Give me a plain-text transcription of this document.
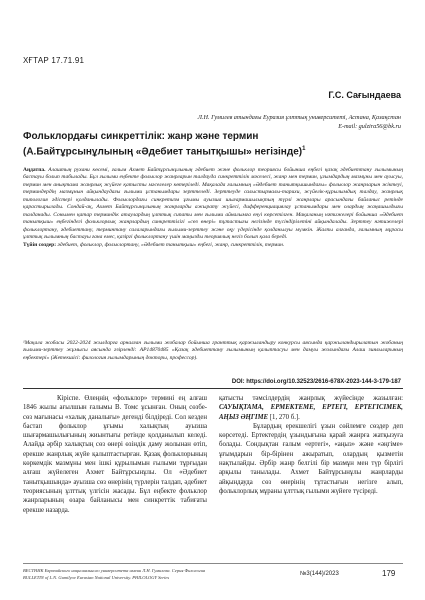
ХҒТАР 17.71.91
Г.С. Сағындаева
Л.Н. Гумилев атындағы Еуразия ұлттық университеті, Астана, Қазақстан
E-mail: gulzira56@bk.ru
Фольклордағы синкреттілік: жанр және термин
(А.Байтұрсынұлының «Әдебиет танытқышы» негізінде)$^1$
Аңдатпа. Алаштың рухани көсемі, ғалым Ахмет Байтұрсынұлының әдебиет және фольклор теориясы бойынша еңбегі қазақ әдебиеттану ғылымының бастауы болып табылады. Бұл ғылыми еңбекте фольклор жанрларын талдауда синкреттілік мәселесі, жанр мен термин, ұғымдардың мазмұны мен ауысуы, термин мен анықтама жанрлық жүйеге қатысты мәселелер көтеріледі. Мақалада ғалымның «Әдебиет танытқышындағы» фольклор жанрларын жіктеуі, терминдердің мазмұнын айқындаудағы ғылыми ұстанымдары зерттеледі. Зерттеуде салыстырмалы-тарихи, жүйелік-құрылымдық талдау, жанрлық типология әдістері қолданылады. Фольклордағы синкретизм ұғымы ауызша шығармашылықтың түрлі жанрлары арасындағы байланыс ретінде қарастырылады. Сондай-ақ, Ахмет Байтұрсынұлының жанрларды ажырату жүйесі, дифференциациялау ұстанымдары мен олардың жаңашылдығы талданады. Сонымен қатар терминдік атаулардың ұлттық сипаты мен ғылыми айналымға енуі көрсетілген. Мақаланың нәтижелері бойынша «Әдебиет танытқыш» еңбегіндегі фольклорлық жанрлардың синкреттілігі «сөз өнері» тұтастығы негізінде түсіндірілетіні айқындалады. Зерттеу нәтижелері фольклортану, әдебиеттану, терминтану салаларындағы ғылыми-зерттеу және оқу үдерісінде қолданылуы мүмкін. Жалпы алғанда, ғалымның мұрасы ұлттық ғылымның бастауы ғана емес, қазіргі фольклортану үшін маңызды теориялық негіз болып қала береді.
Түйін сөздер: әдебиет, фольклор, фольклортану, «Әдебиет танытқыш» еңбегі, жанр, синкреттілік, термин.
¹Мақала жобасы 2022-2024 жылдарға арналған ғылыми жобалар бойынша гранттық қаржыландыру конкурсы аясында қаржыландырылатын жобаның ғылыми-зерттеу жұмысы аясында әзірленді: AP14870485 «Қазақ әдебиеттану ғылымының қалыптасуы мен дамуы жолындағы Алаш зиялыларының еңбектері» (Жетекшісі: филология ғылымдарының докторы, профессор).
DOI: https://doi.org/10.32523/2616-678X-2023-144-3-179-187

Кіріспе. Өлеңнің «фольклор» термині ең алғаш 1846 жылы ағылшын ғалымы В. Томс ұсынған. Оның сөзбе-сөз мағынасы «халық даналығы» дегенді білдіреді. Сол кезден бастап фольклор ұғымы халықтың ауызша шығармашылығының жиынтығы ретінде қолданылып келеді. Алайда әрбір халықтың сөз өнері өзіндік даму жолынан өтіп, ерекше жанрлық жүйе қалыптастырған. Қазақ фольклорының көркемдік мазмұны мен ішкі құрылымын ғылыми тұрғыдан алғаш жүйелеген Ахмет Байтұрсынұлы. Ол «Әдебиет танытқышында» ауызша сөз өнерінің түрлерін талдап, әдебиет теориясының ұлттық үлгісін жасады. Бұл еңбекте фольклор жанрларының өзара байланысы мен синкреттік табиғаты ерекше назарда.

қатысты тәмсілдердің жанрлық жүйесінде жазылған: САУЫҚТАМА, ЕРМЕКТЕМЕ, ЕРТЕГІ, ЕРТЕГІСІМЕК, АҢЫЗ ӘҢГІМЕ [1, 270 б.].

Бұлардың ерекшелігі ұзын сөйлемге сөздер деп көрсетеді. Ертектердің ұзындығына қарай жанрға жатқызуға болады. Сондықтан ғалым «ертегі», «аңыз» және «әңгіме» ұғымдарын бір-бірінен ажыратып, олардың қызметін нақтылайды. Әрбір жанр белгілі бір мазмұн мен түр бірлігі арқылы танылады. Ахмет Байтұрсынұлы жанрларды айқындауда сөз өнерінің тұтастығын негізге алып, фольклорлық мұраны ұлттық ғылыми жүйеге түсіреді.

ВЕСТНИК Евразийского национального университета имени Л.Н. Гумилева. Серия Филология
BULLETIN of L.N. Gumilyov Eurasian National University. PHILOLOGY Series	№3(144)/2023	179
